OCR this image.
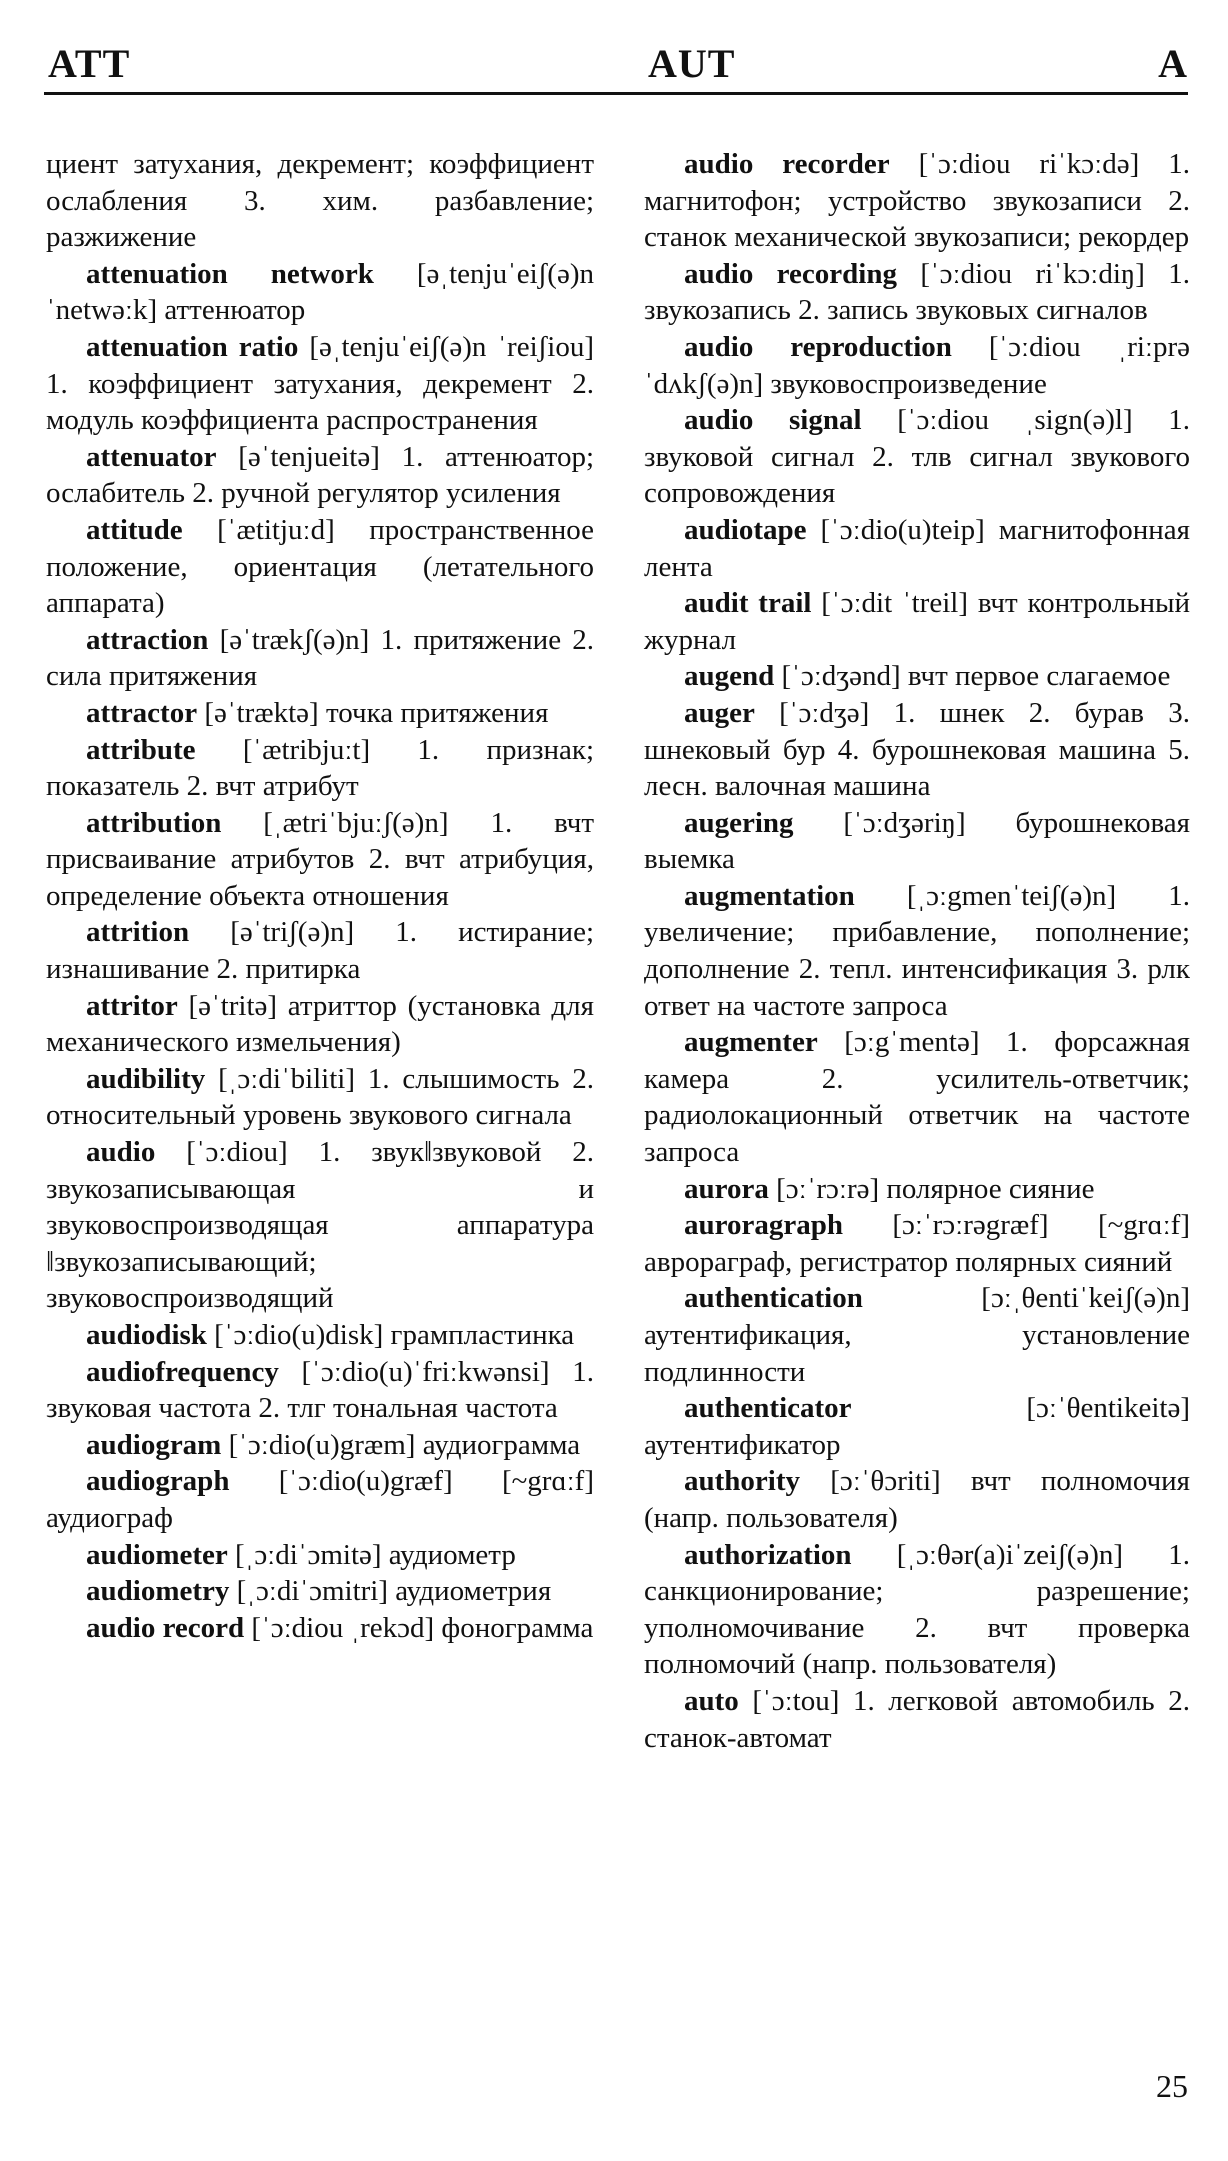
ATT	AUT	A

циент затухания, декремент; коэффициент ослабления 3. хим. разбавление; разжижение

attenuation network [əˌtenjuˈeiʃ(ə)n ˈnetwəːk] аттенюатор

attenuation ratio [əˌtenjuˈeiʃ(ə)n ˈreiʃiou] 1. коэффициент затухания, декремент 2. модуль коэффициента распространения

attenuator [əˈtenjueitə] 1. аттенюатор; ослабитель 2. ручной регулятор усиления

attitude [ˈætitjuːd] пространственное положение, ориентация (летательного аппарата)

attraction [əˈtrækʃ(ə)n] 1. притяжение 2. сила притяжения

attractor [əˈtræktə] точка притяжения

attribute [ˈætribjuːt] 1. признак; показатель 2. вчт атрибут

attribution [ˌætriˈbjuːʃ(ə)n] 1. вчт присваивание атрибутов 2. вчт атрибуция, определение объекта отношения

attrition [əˈtriʃ(ə)n] 1. истирание; изнашивание 2. притирка

attritor [əˈtritə] атриттор (установка для механического измельчения)

audibility [ˌɔːdiˈbiliti] 1. слышимость 2. относительный уровень звукового сигнала

audio [ˈɔːdiou] 1. звук‖звуковой 2. звукозаписывающая и звуковоспроизводящая аппаратура ‖звукозаписывающий; звуковоспроизводящий

audiodisk [ˈɔːdio(u)disk] грампластинка

audiofrequency [ˈɔːdio(u)ˈfriːkwənsi] 1. звуковая частота 2. тлг тональная частота

audiogram [ˈɔːdio(u)græm] аудиограмма

audiograph [ˈɔːdio(u)græf] [~grɑːf] аудиограф

audiometer [ˌɔːdiˈɔmitə] аудиометр

audiometry [ˌɔːdiˈɔmitri] аудиометрия

audio record [ˈɔːdiou ˌrekɔd] фонограмма

audio recorder [ˈɔːdiou riˈkɔːdə] 1. магнитофон; устройство звукозаписи 2. станок механической звукозаписи; рекордер

audio recording [ˈɔːdiou riˈkɔːdiŋ] 1. звукозапись 2. запись звуковых сигналов

audio reproduction [ˈɔːdiou ˌriːprəˈdʌkʃ(ə)n] звуковоспроизведение

audio signal [ˈɔːdiou ˌsign(ə)l] 1. звуковой сигнал 2. тлв сигнал звукового сопровождения

audiotape [ˈɔːdio(u)teip] магнитофонная лента

audit trail [ˈɔːdit ˈtreil] вчт контрольный журнал

augend [ˈɔːdʒənd] вчт первое слагаемое

auger [ˈɔːdʒə] 1. шнек 2. бурав 3. шнековый бур 4. бурошнековая машина 5. лесн. валочная машина

augering [ˈɔːdʒəriŋ] бурошнековая выемка

augmentation [ˌɔːgmenˈteiʃ(ə)n] 1. увеличение; прибавление, пополнение; дополнение 2. тепл. интенсификация 3. рлк ответ на частоте запроса

augmenter [ɔːgˈmentə] 1. форсажная камера 2. усилитель-ответчик; радиолокационный ответчик на частоте запроса

aurora [ɔːˈrɔːrə] полярное сияние

auroragraph [ɔːˈrɔːrəgræf] [~grɑːf] аврораграф, регистратор полярных сияний

authentication	[ɔːˌθentiˈkeiʃ(ə)n] аутентификация, установление подлинности

authenticator	[ɔːˈθentikeitə] аутентификатор

authority [ɔːˈθɔriti] вчт полномочия (напр. пользователя)

authorization [ˌɔːθər(a)iˈzeiʃ(ə)n] 1. санкционирование; разрешение; уполномочивание 2. вчт проверка полномочий (напр. пользователя)

auto [ˈɔːtou] 1. легковой автомобиль 2. станок-автомат

25
